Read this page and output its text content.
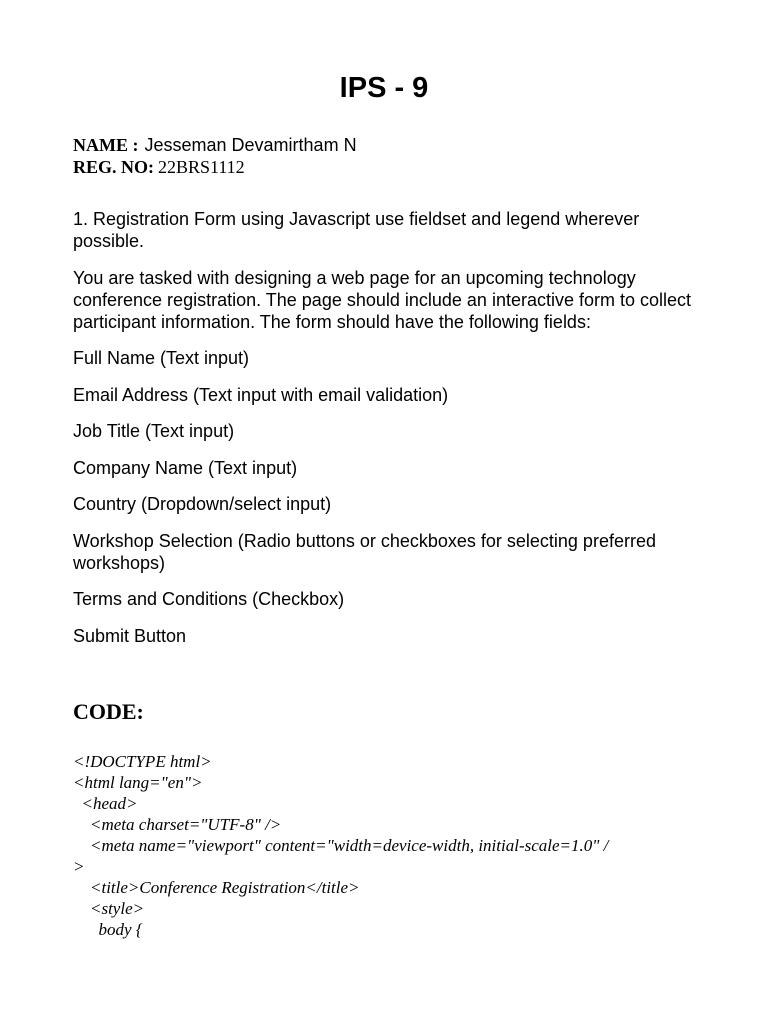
IPS - 9
NAME : Jesseman Devamirtham N
REG. NO: 22BRS1112

1. Registration Form using Javascript use fieldset and legend wherever possible.

You are tasked with designing a web page for an upcoming technology conference registration. The page should include an interactive form to collect participant information. The form should have the following fields:

Full Name (Text input)

Email Address (Text input with email validation)

Job Title (Text input)

Company Name (Text input)

Country (Dropdown/select input)

Workshop Selection (Radio buttons or checkboxes for selecting preferred workshops)

Terms and Conditions (Checkbox)

Submit Button

CODE:
<!DOCTYPE html>
<html lang="en">
<head>
<meta charset="UTF-8" />
<meta name="viewport" content="width=device-width, initial-scale=1.0" /
>
<title>Conference Registration</title>
<style>
body {
